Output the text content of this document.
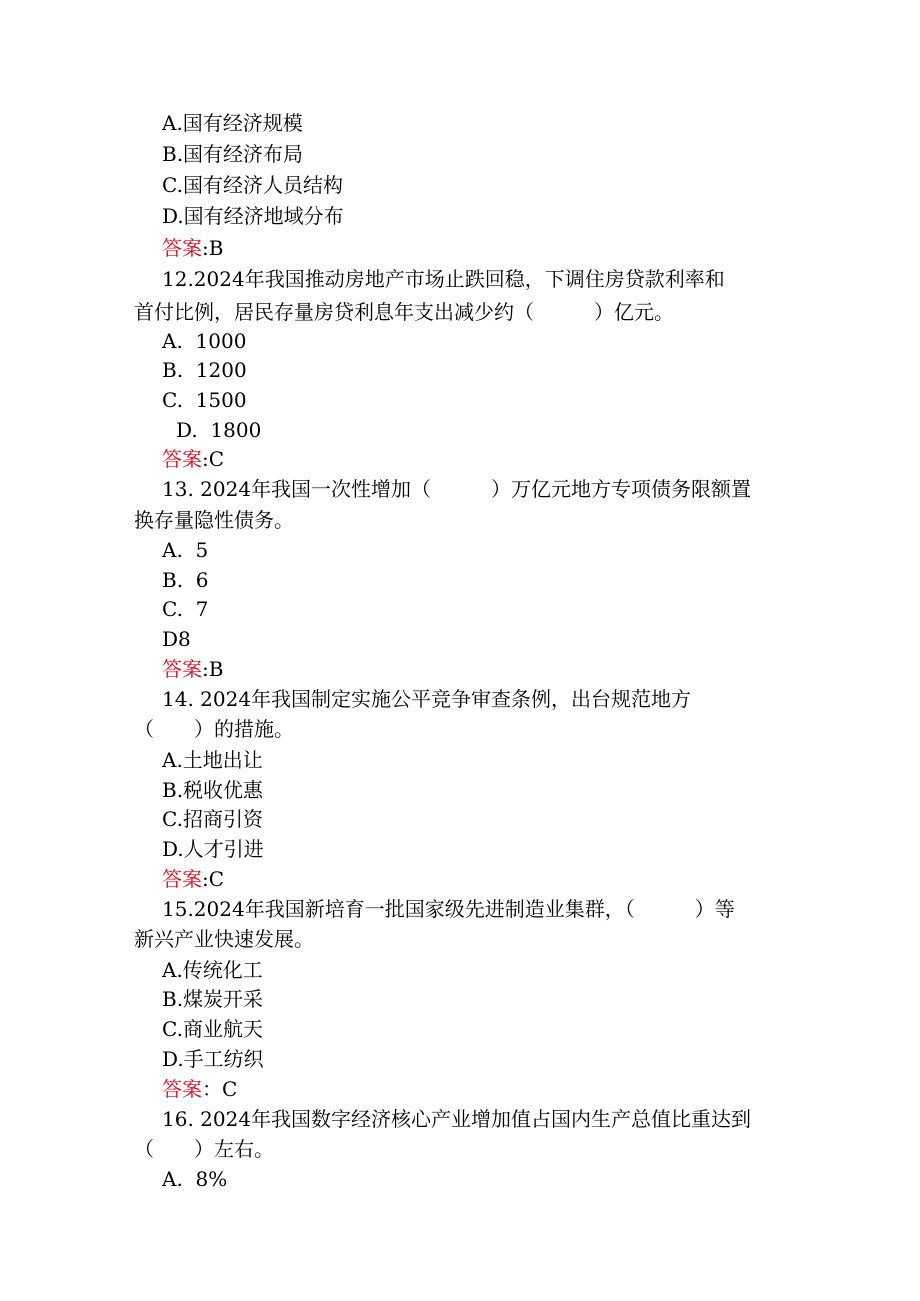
A.国有经济规模
B.国有经济布局
C.国有经济人员结构
D.国有经济地域分布
答案:B
12.2024年我国推动房地产市场止跌回稳，下调住房贷款利率和
首付比例，居民存量房贷利息年支出减少约（　　　）亿元。
A.  1000
B.  1200
C.  1500
D.  1800
答案:C
13. 2024年我国一次性增加（　　　）万亿元地方专项债务限额置
换存量隐性债务。
A.  5
B.  6
C.  7
D8
答案:B
14. 2024年我国制定实施公平竞争审查条例，出台规范地方
（　　）的措施。
A.土地出让
B.税收优惠
C.招商引资
D.人才引进
答案:C
15.2024年我国新培育一批国家级先进制造业集群，（　　　）等
新兴产业快速发展。
A.传统化工
B.煤炭开采
C.商业航天
D.手工纺织
答案：C
16. 2024年我国数字经济核心产业增加值占国内生产总值比重达到
（　　）左右。
A.  8%
